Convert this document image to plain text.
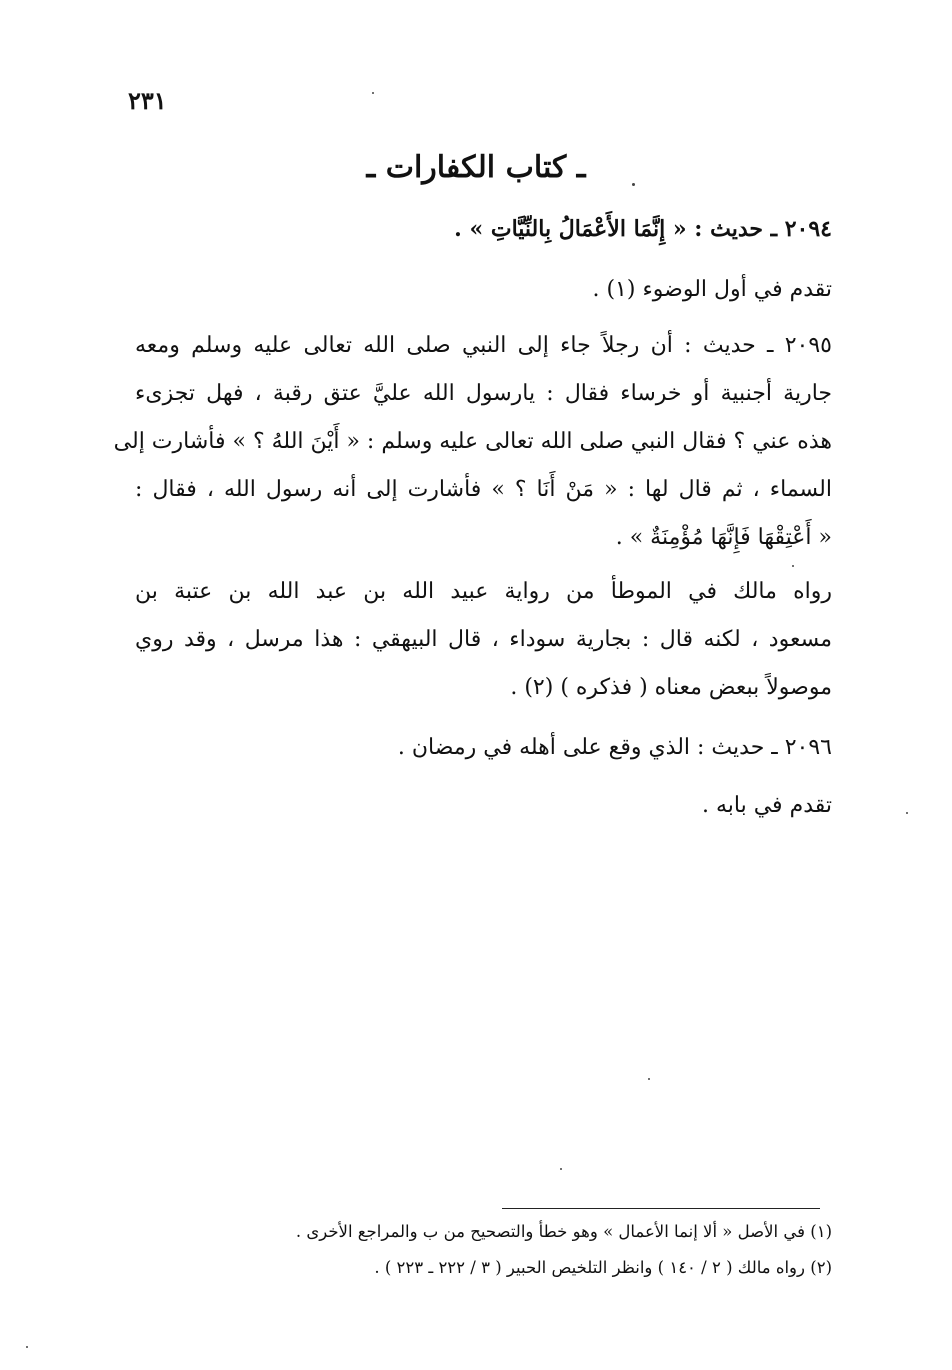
٢٣١
ـ كتاب الكفارات ـ
٢٠٩٤ ـ حديث : « إِنَّمَا الأَعْمَالُ بِالنِّيَّاتِ » .
تقدم في أول الوضوء (١) .
٢٠٩٥ ـ حديث : أن رجلاً جاء إلى النبي صلى الله تعالى عليه وسلم ومعه
جارية أجنبية أو خرساء فقال : يارسول الله عليَّ عتق رقبة ، فهل تجزىء
هذه عني ؟ فقال النبي صلى الله تعالى عليه وسلم : « أَيْنَ اللهُ ؟ » فأشارت إلى
السماء ، ثم قال لها : « مَنْ أَنَا ؟ » فأشارت إلى أنه رسول الله ، فقال :
« أَعْتِقْهَا فَإِنَّهَا مُؤْمِنَةٌ » .
رواه مالك في الموطأ من رواية عبيد الله بن عبد الله بن عتبة بن
مسعود ، لكنه قال : بجارية سوداء ، قال البيهقي : هذا مرسل ، وقد روي
موصولاً ببعض معناه ( فذكره ) (٢) .
٢٠٩٦ ـ حديث : الذي وقع على أهله في رمضان .
تقدم في بابه .
(١) في الأصل « ألا إنما الأعمال » وهو خطأ والتصحيح من ب والمراجع الأخرى .
(٢) رواه مالك ( ٢ / ١٤٠ ) وانظر التلخيص الحبير ( ٣ / ٢٢٢ ـ ٢٢٣ ) .
